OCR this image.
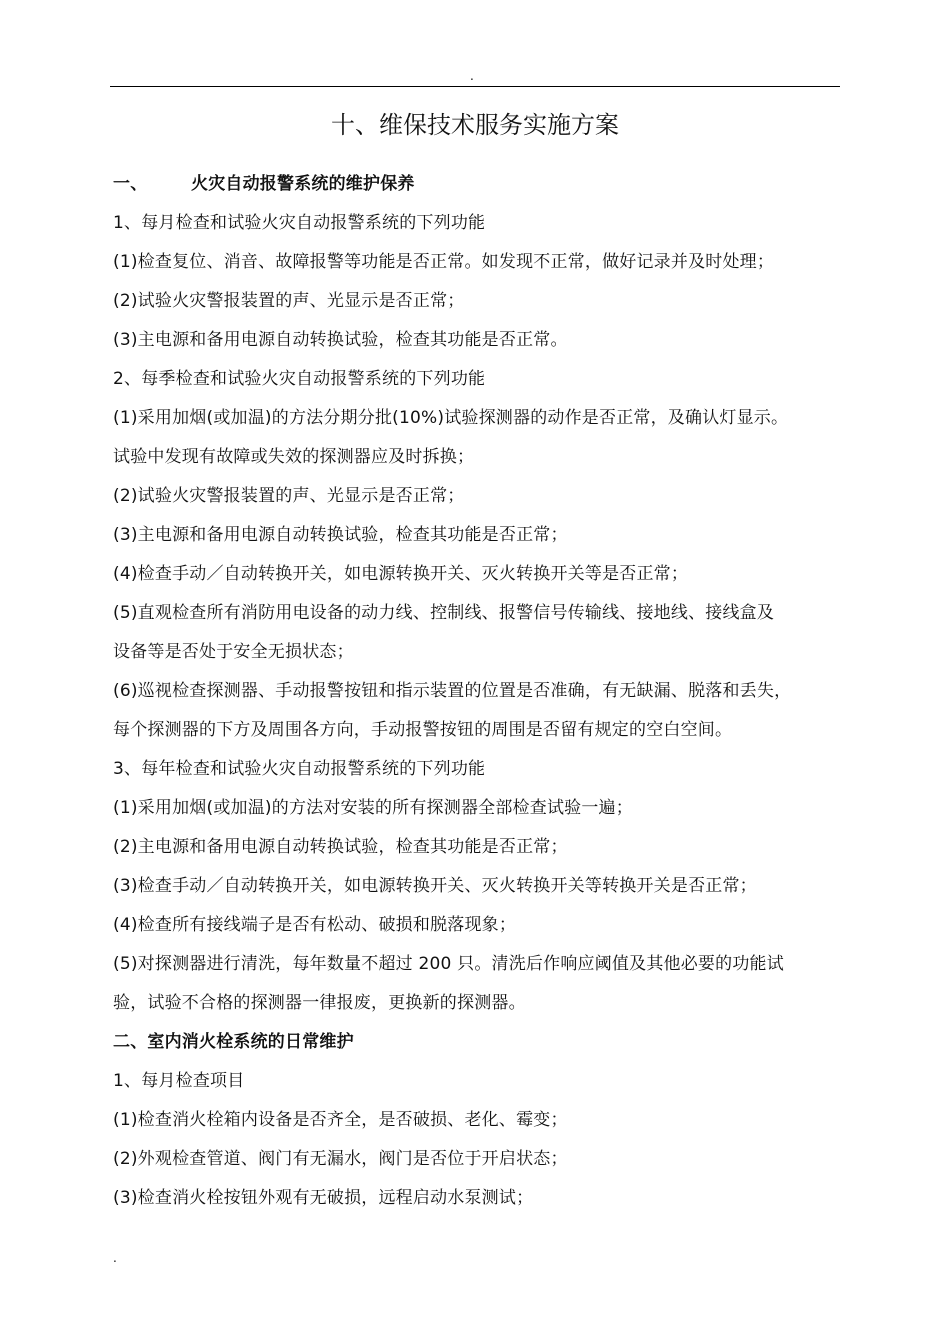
.
十、维保技术服务实施方案
一、	火灾自动报警系统的维护保养
1、每月检查和试验火灾自动报警系统的下列功能
(1)检查复位、消音、故障报警等功能是否正常。如发现不正常，做好记录并及时处理；
(2)试验火灾警报装置的声、光显示是否正常；
(3)主电源和备用电源自动转换试验，检查其功能是否正常。
2、每季检查和试验火灾自动报警系统的下列功能
(1)采用加烟(或加温)的方法分期分批(10%)试验探测器的动作是否正常，及确认灯显示。
试验中发现有故障或失效的探测器应及时拆换；
(2)试验火灾警报装置的声、光显示是否正常；
(3)主电源和备用电源自动转换试验，检查其功能是否正常；
(4)检查手动／自动转换开关，如电源转换开关、灭火转换开关等是否正常；
(5)直观检查所有消防用电设备的动力线、控制线、报警信号传输线、接地线、接线盒及
设备等是否处于安全无损状态；
(6)巡视检查探测器、手动报警按钮和指示装置的位置是否准确，有无缺漏、脱落和丢失，
每个探测器的下方及周围各方向，手动报警按钮的周围是否留有规定的空白空间。
3、每年检查和试验火灾自动报警系统的下列功能
(1)采用加烟(或加温)的方法对安装的所有探测器全部检查试验一遍；
(2)主电源和备用电源自动转换试验，检查其功能是否正常；
(3)检查手动／自动转换开关，如电源转换开关、灭火转换开关等转换开关是否正常；
(4)检查所有接线端子是否有松动、破损和脱落现象；
(5)对探测器进行清洗，每年数量不超过 200 只。清洗后作响应阈值及其他必要的功能试
验，试验不合格的探测器一律报废，更换新的探测器。
二、室内消火栓系统的日常维护
1、每月检查项目
(1)检查消火栓箱内设备是否齐全，是否破损、老化、霉变；
(2)外观检查管道、阀门有无漏水，阀门是否位于开启状态；
(3)检查消火栓按钮外观有无破损，远程启动水泵测试；
.
